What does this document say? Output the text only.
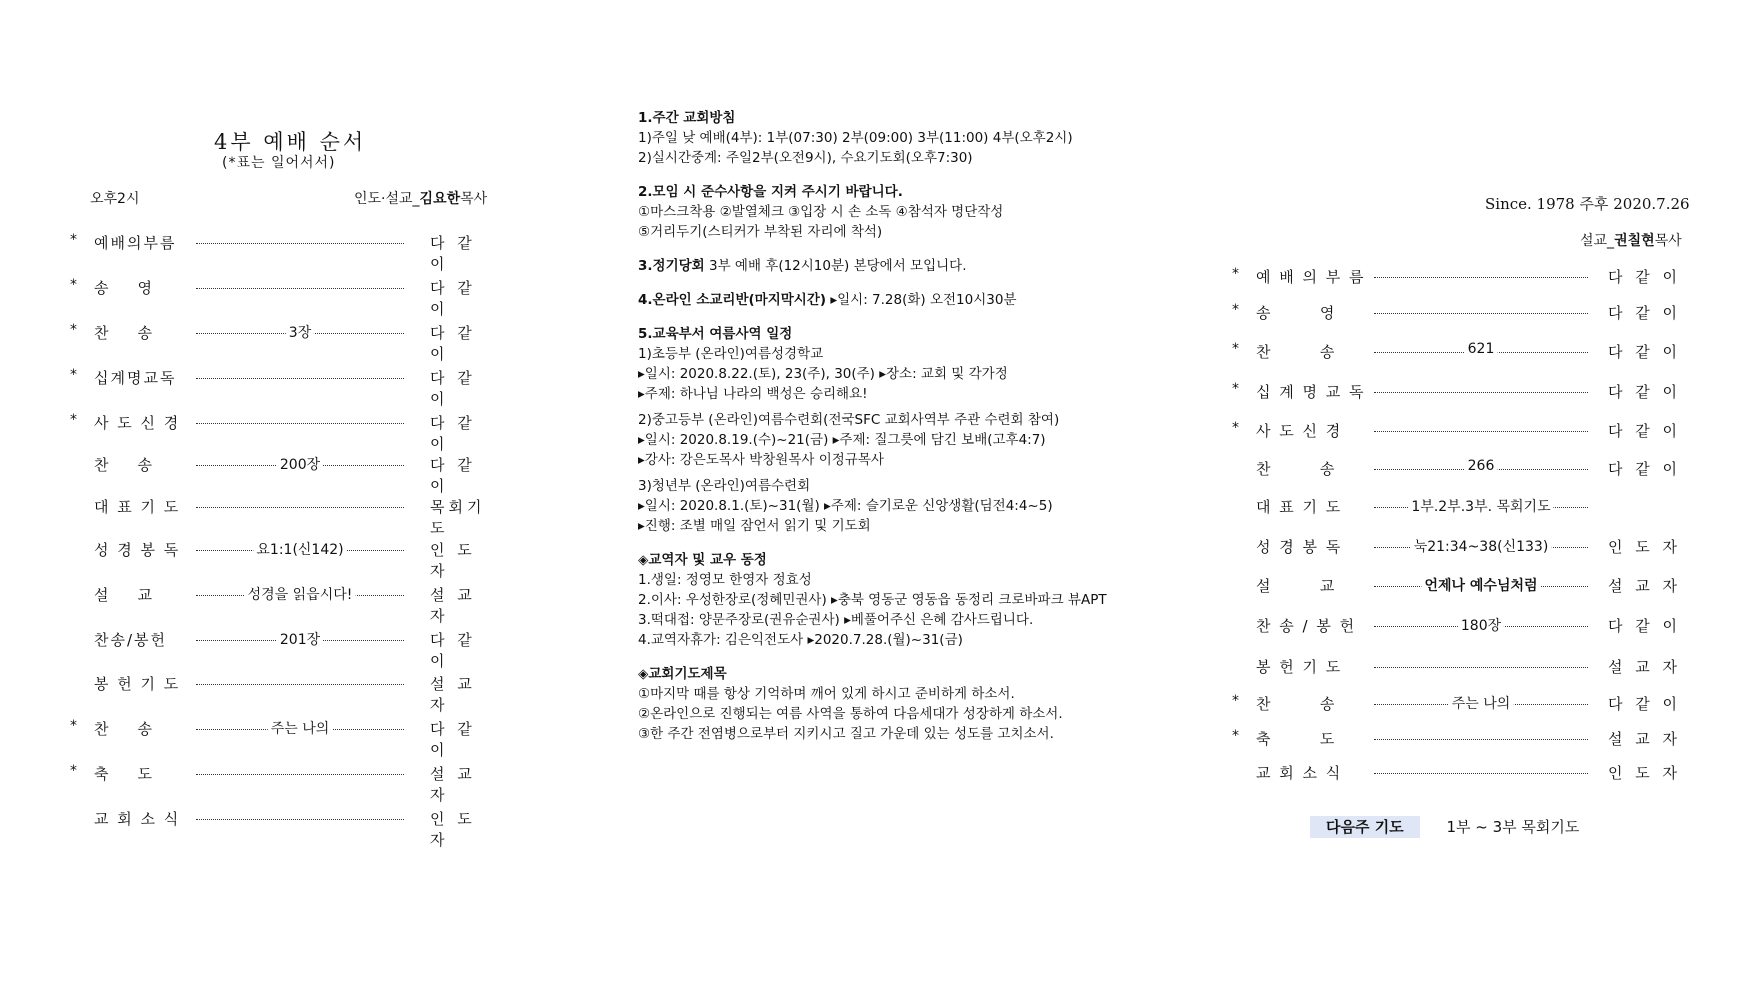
4부 예배 순서
(*표는 일어서서)
오후2시	인도·설교_김요한목사
* 예배의부름	다 같 이
* 송    영	다 같 이
* 찬    송	3장	다 같 이
* 십계명교독	다 같 이
* 사 도 신 경	다 같 이
찬    송	200장	다 같 이
대 표 기 도	목회기도
성 경 봉 독	요1:1(신142)	인 도 자
설    교	성경을 읽읍시다!	설 교 자
찬송/봉헌	201장	다 같 이
봉 헌 기 도	설 교 자
* 찬    송	주는 나의	다 같 이
* 축    도	설 교 자
교 회 소 식	인 도 자

1.주간 교회방침

1)주일 낮 예배(4부): 1부(07:30) 2부(09:00) 3부(11:00) 4부(오후2시)

2)실시간중계: 주일2부(오전9시), 수요기도회(오후7:30)

2.모임 시 준수사항을 지켜 주시기 바랍니다.

①마스크착용 ②발열체크 ③입장 시 손 소독 ④참석자 명단작성

⑤거리두기(스티커가 부착된 자리에 착석)

3.정기당회 3부 예배 후(12시10분) 본당에서 모입니다.

4.온라인 소교리반(마지막시간) ▸일시: 7.28(화) 오전10시30분

5.교육부서 여름사역 일정

1)초등부 (온라인)여름성경학교

▸일시: 2020.8.22.(토), 23(주), 30(주) ▸장소: 교회 및 각가정

▸주제: 하나님 나라의 백성은 승리해요!

2)중고등부 (온라인)여름수련회(전국SFC 교회사역부 주관 수련회 참여)

▸일시: 2020.8.19.(수)~21(금) ▸주제: 질그릇에 담긴 보배(고후4:7)

▸강사: 강은도목사 박창원목사 이정규목사

3)청년부 (온라인)여름수련회

▸일시: 2020.8.1.(토)~31(월) ▸주제: 슬기로운 신앙생활(딤전4:4~5)

▸진행: 조별 매일 잠언서 읽기 및 기도회

◈교역자 및 교우 동정

1.생일: 정영모 한영자 정효성

2.이사: 우성한장로(정혜민권사) ▸충북 영동군 영동읍 동정리 크로바파크 뷰APT

3.떡대접: 양문주장로(권유순권사) ▸베풀어주신 은혜 감사드립니다.

4.교역자휴가: 김은익전도사 ▸2020.7.28.(월)~31(금)

◈교회기도제목

①마지막 때를 항상 기억하며 깨어 있게 하시고 준비하게 하소서.

②온라인으로 진행되는 여름 사역을 통하여 다음세대가 성장하게 하소서.

③한 주간 전염병으로부터 지키시고 질고 가운데 있는 성도를 고치소서.

Since. 1978 주후 2020.7.26
설교_권칠현목사
* 예 배 의 부 름	다 같 이
* 송       영	다 같 이
* 찬       송	621	다 같 이
* 십 계 명 교 독	다 같 이
* 사 도 신 경	다 같 이
찬       송	266	다 같 이
대 표 기 도	1부.2부.3부. 목회기도
성 경 봉 독	눅21:34~38(신133)	인 도 자
설       교	언제나 예수님처럼	설 교 자
찬 송 / 봉 헌	180장	다 같 이
봉 헌 기 도	설 교 자
* 찬       송	주는 나의	다 같 이
* 축       도	설 교 자
교 회 소 식	인 도 자
다음주 기도	1부 ~ 3부 목회기도
